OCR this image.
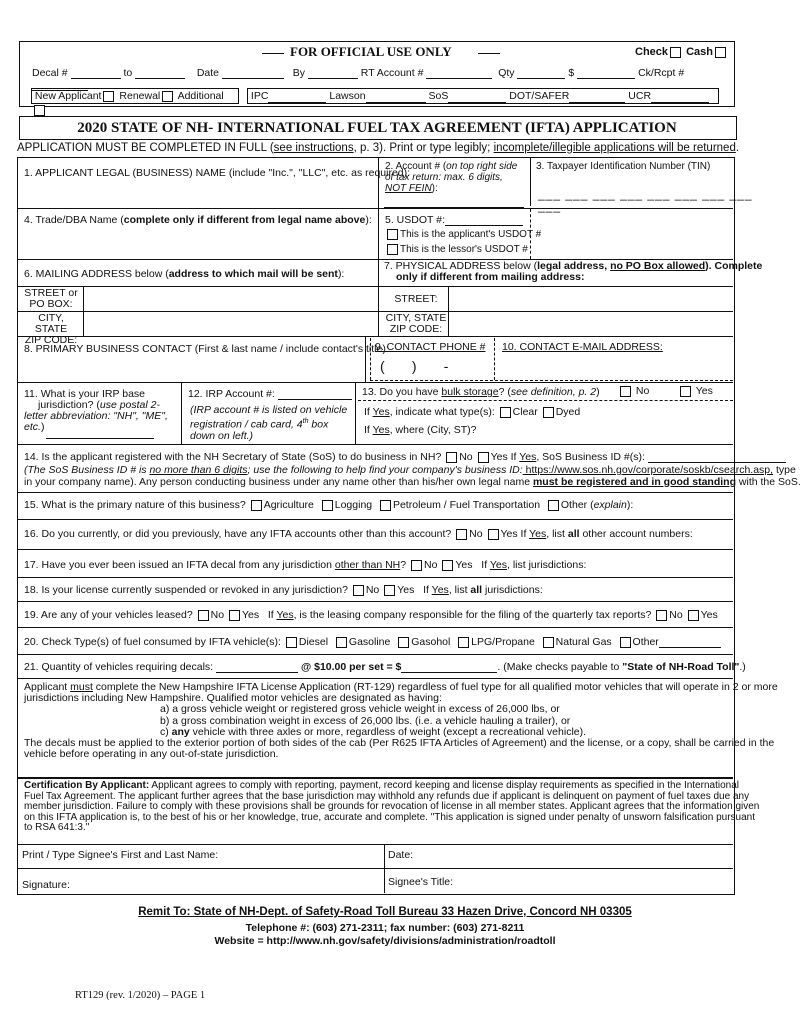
FOR OFFICIAL USE ONLY	Check Cash
Decal #	to	Date	By	RT Account #	Qty	$	Ck/Rcpt #
New Applicant Renewal Additional	IPC	Lawson	SoS	DOT/SAFER	UCR
2020 STATE OF NH- INTERNATIONAL FUEL TAX AGREEMENT (IFTA) APPLICATION
APPLICATION MUST BE COMPLETED IN FULL (see instructions, p. 3). Print or type legibly; incomplete/illegible applications will be returned.
1. APPLICANT LEGAL (BUSINESS) NAME (include "Inc.", "LLC", etc. as required):
2. Account # (on top right side of tax return: max. 6 digits, NOT FEIN):
3. Taxpayer Identification Number (TIN)
___ ___ ___ ___ ___ ___ ___ ___ ___
4. Trade/DBA Name (complete only if different from legal name above): 5. USDOT #:
This is the applicant's USDOT #
This is the lessor's USDOT #
6. MAILING ADDRESS below (address to which mail will be sent):
7. PHYSICAL ADDRESS below (legal address, no PO Box allowed). Complete
only if different from mailing address:
STREET or
PO BOX:
CITY, STATE
ZIP CODE:
STREET:
CITY, STATE
ZIP CODE:
8. PRIMARY BUSINESS CONTACT (First & last name / include contact's title):
9. CONTACT PHONE #
(       )       -
10. CONTACT E-MAIL ADDRESS:
11. What is your IRP base
jurisdiction? (use postal 2-letter abbreviation: "NH", "ME", etc.)
12. IRP Account #:
(IRP account # is listed on vehicle registration / cab card, 4th box down on left.)
13. Do you have bulk storage? (see definition, p. 2)	No	Yes
If Yes, indicate what type(s): Clear Dyed
If Yes, where (City, ST)?
14. Is the applicant registered with the NH Secretary of State (SoS) to do business in NH? No Yes If Yes, SoS Business ID #(s):
(The SoS Business ID # is no more than 6 digits; use the following to help find your company's business ID: https://www.sos.nh.gov/corporate/soskb/csearch.asp, type
in your company name). Any person conducting business under any name other than his/her own legal name must be registered and in good standing with the SoS.
15. What is the primary nature of this business? Agriculture Logging Petroleum / Fuel Transportation Other (explain):
16. Do you currently, or did you previously, have any IFTA accounts other than this account? No Yes If Yes, list all other account numbers:
17. Have you ever been issued an IFTA decal from any jurisdiction other than NH? No Yes If Yes, list jurisdictions:
18. Is your license currently suspended or revoked in any jurisdiction? No Yes If Yes, list all jurisdictions:
19. Are any of your vehicles leased? No Yes If Yes, is the leasing company responsible for the filing of the quarterly tax reports? No Yes
20. Check Type(s) of fuel consumed by IFTA vehicle(s): Diesel Gasoline Gasohol LPG/Propane Natural Gas Other
21. Quantity of vehicles requiring decals:	@ $10.00 per set = $	. (Make checks payable to "State of NH-Road Toll".)
Applicant must complete the New Hampshire IFTA License Application (RT-129) regardless of fuel type for all qualified motor vehicles that will operate in 2 or more
jurisdictions including New Hampshire. Qualified motor vehicles are designated as having:
a) a gross vehicle weight or registered gross vehicle weight in excess of 26,000 lbs, or
b) a gross combination weight in excess of 26,000 lbs. (i.e. a vehicle hauling a trailer), or
c) any vehicle with three axles or more, regardless of weight (except a recreational vehicle).
The decals must be applied to the exterior portion of both sides of the cab (Per R625 IFTA Articles of Agreement) and the license, or a copy, shall be carried in the
vehicle before operating in any out-of-state jurisdiction.
Certification By Applicant: Applicant agrees to comply with reporting, payment, record keeping and license display requirements as specified in the International
Fuel Tax Agreement. The applicant further agrees that the base jurisdiction may withhold any refunds due if applicant is delinquent on payment of fuel taxes due any
member jurisdiction. Failure to comply with these provisions shall be grounds for revocation of license in all member states. Applicant agrees that the information given
on this IFTA application is, to the best of his or her knowledge, true, accurate and complete. "This application is signed under penalty of unsworn falsification pursuant
to RSA 641:3."
Print / Type Signee's First and Last Name:	Date:
Signature:	Signee's Title:
Remit To: State of NH-Dept. of Safety-Road Toll Bureau 33 Hazen Drive, Concord NH 03305
Telephone #: (603) 271-2311; fax number: (603) 271-8211
Website = http://www.nh.gov/safety/divisions/administration/roadtoll
RT129 (rev. 1/2020) – PAGE 1
